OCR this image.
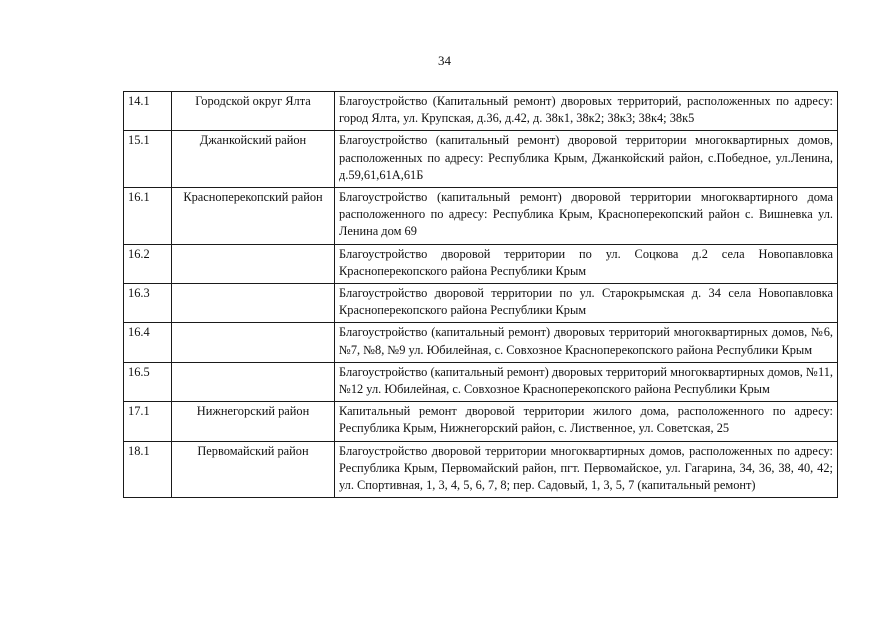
34
14.1	Городской округ Ялта	Благоустройство (Капитальный ремонт) дворовых территорий, расположенных по адресу: город Ялта, ул. Крупская, д.36, д.42, д. 38к1, 38к2; 38к3; 38к4; 38к5
15.1	Джанкойский район	Благоустройство (капитальный ремонт) дворовой территории многоквартирных домов, расположенных по адресу: Республика Крым, Джанкойский район, с.Победное, ул.Ленина, д.59,61,61А,61Б
16.1	Красноперекопский район	Благоустройство (капитальный ремонт) дворовой территории многоквартирного дома расположенного по адресу: Республика Крым, Красноперекопский район с. Вишневка ул. Ленина дом 69
16.2		Благоустройство дворовой территории по ул. Соцкова д.2 села Новопавловка Красноперекопского района Республики Крым
16.3		Благоустройство дворовой территории по ул. Старокрымская д. 34 села Новопавловка Красноперекопского района Республики Крым
16.4		Благоустройство (капитальный ремонт) дворовых территорий многоквартирных домов, №6, №7, №8, №9 ул. Юбилейная, с. Совхозное Красноперекопского района Республики Крым
16.5		Благоустройство (капитальный ремонт) дворовых территорий многоквартирных домов, №11, №12 ул. Юбилейная, с. Совхозное Красноперекопского района Республики Крым
17.1	Нижнегорский район	Капитальный ремонт дворовой территории жилого дома, расположенного по адресу: Республика Крым, Нижнегорский район, с. Лиственное, ул. Советская, 25
18.1	Первомайский район	Благоустройство дворовой территории многоквартирных домов, расположенных по адресу: Республика Крым, Первомайский район, пгт. Первомайское, ул. Гагарина, 34, 36, 38, 40, 42; ул. Спортивная, 1, 3, 4, 5, 6, 7, 8; пер. Садовый, 1, 3, 5, 7 (капитальный ремонт)
